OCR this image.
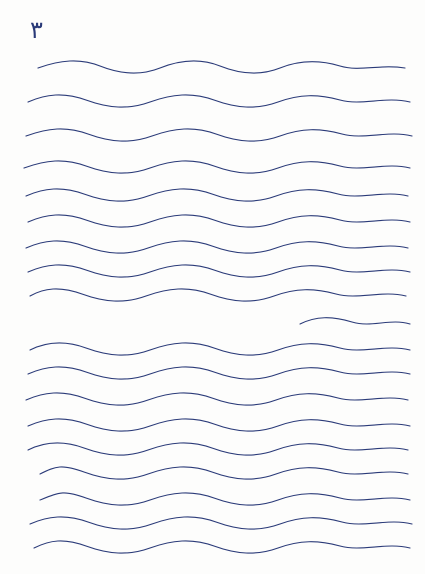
۳
